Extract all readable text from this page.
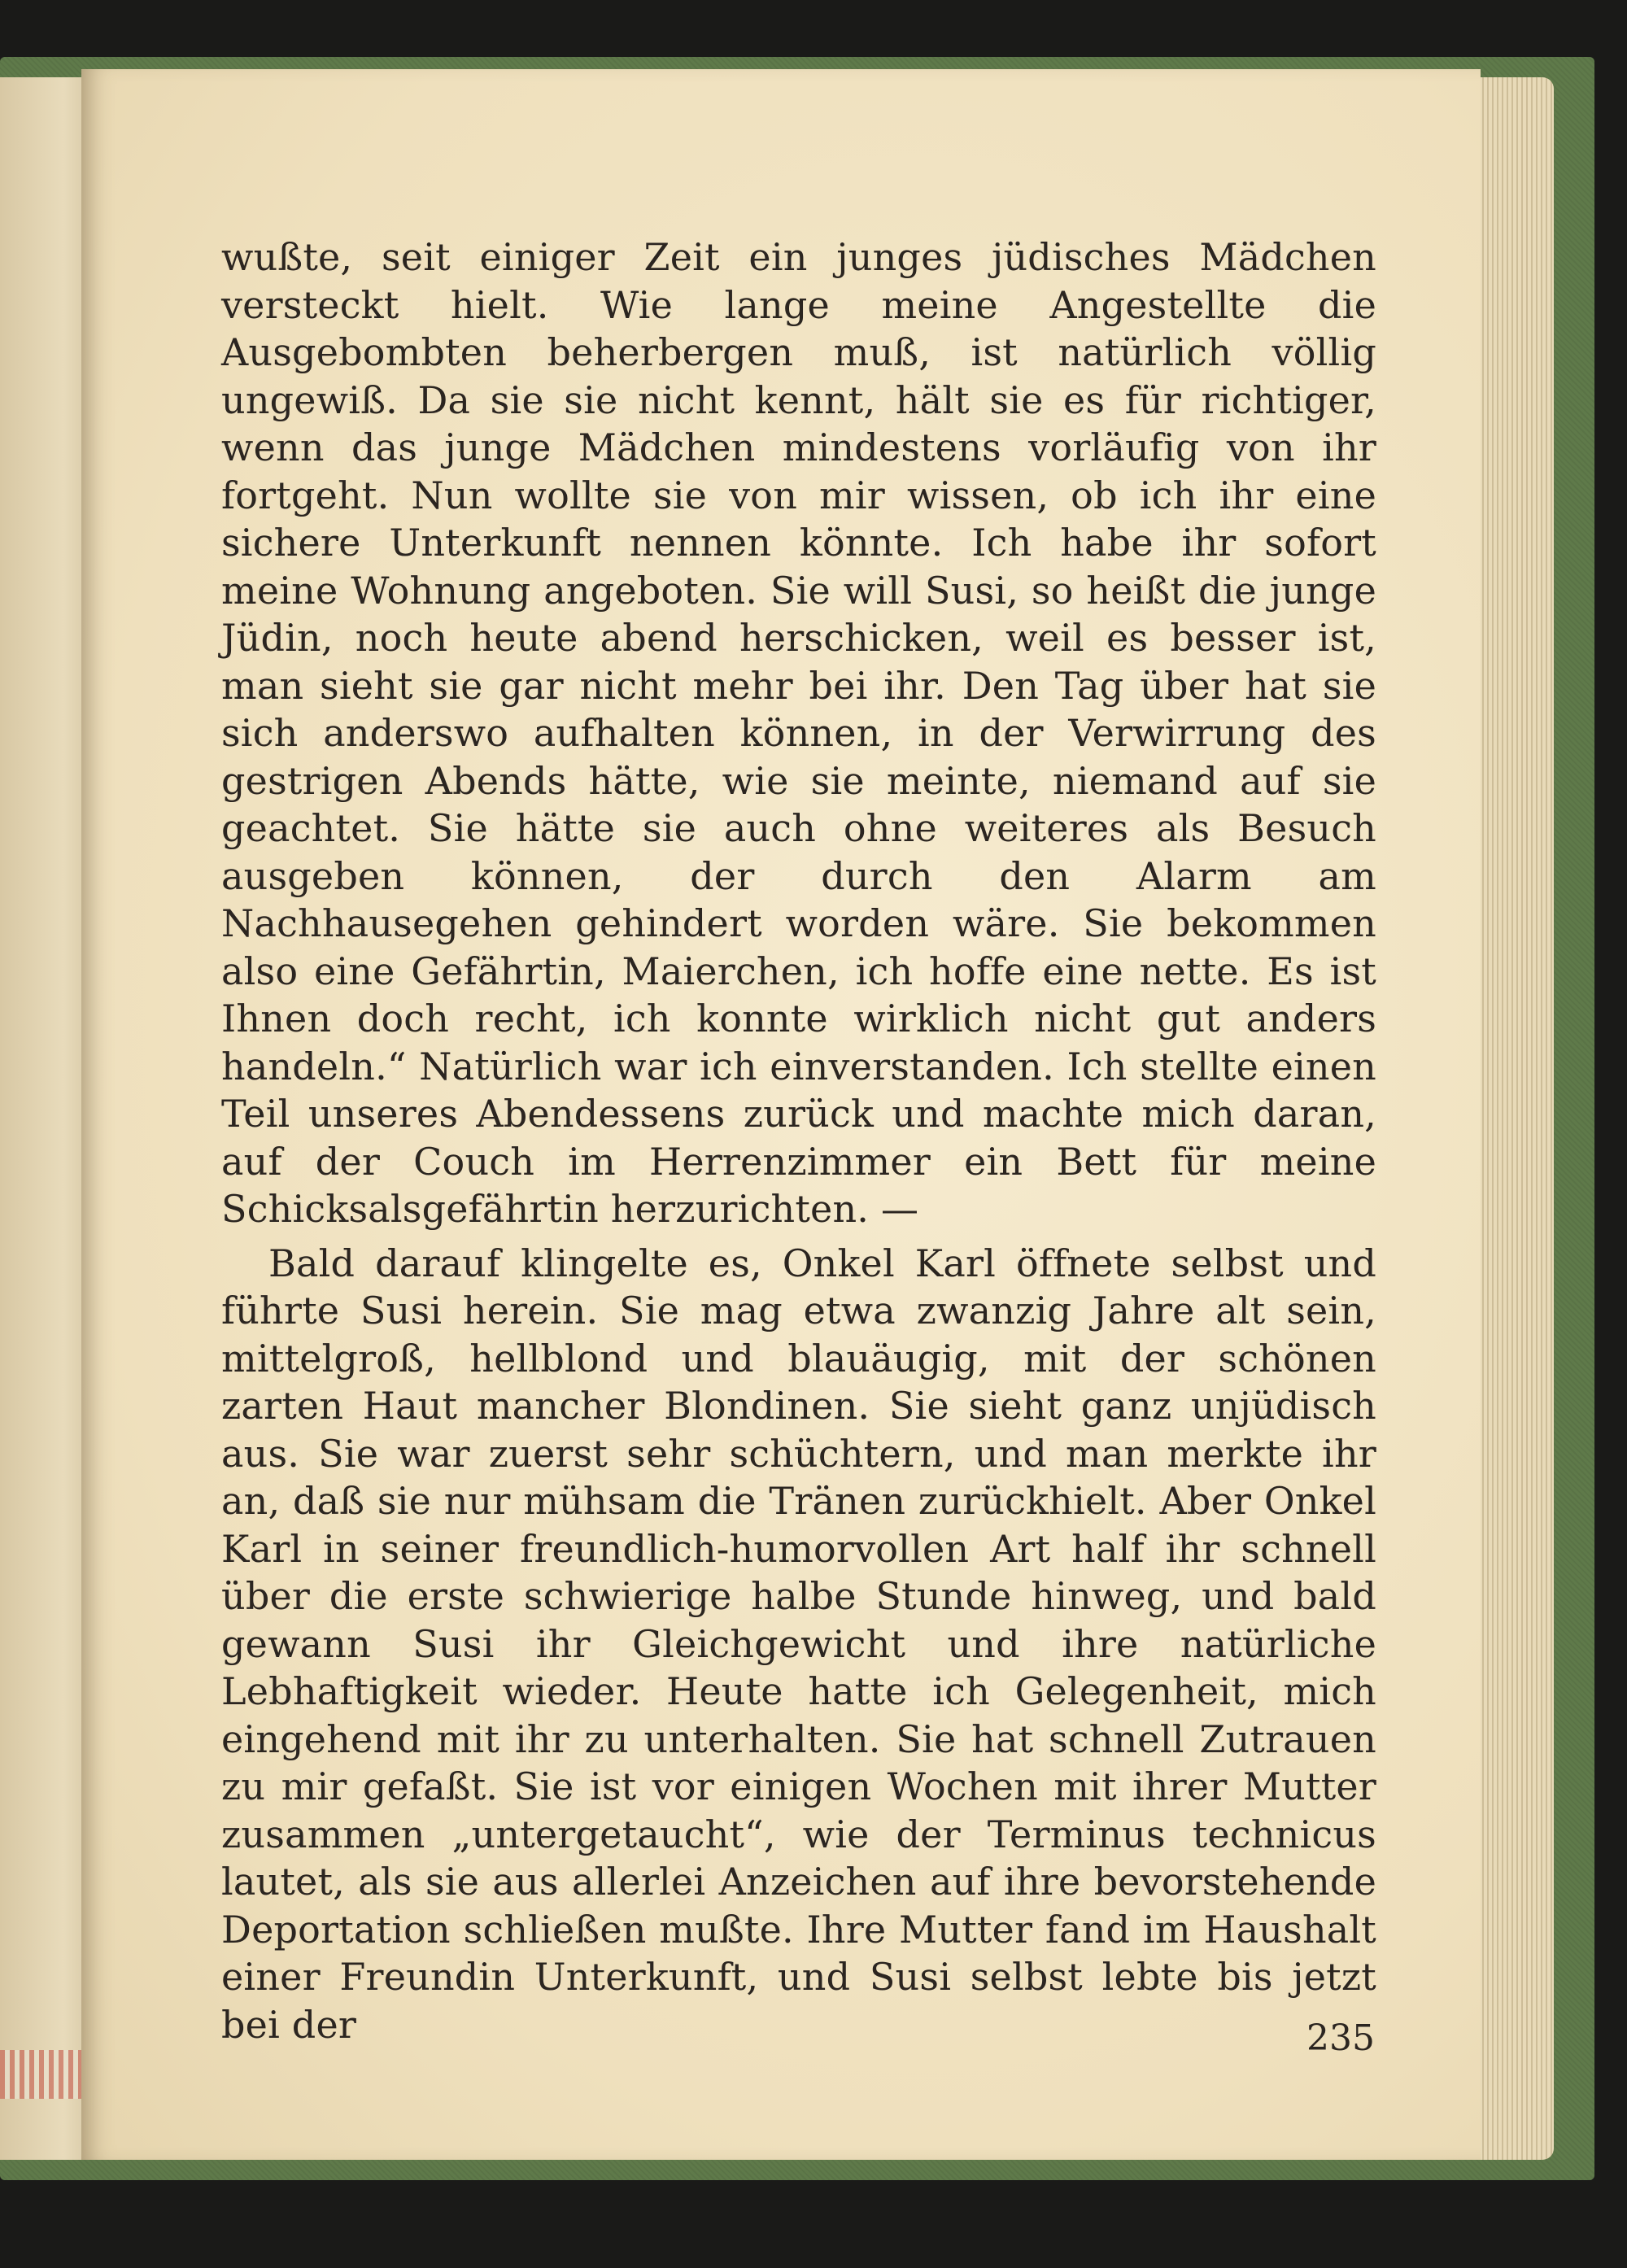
wußte, seit einiger Zeit ein junges jüdisches Mädchen versteckt hielt. Wie lange meine Angestellte die Ausgebombten beherbergen muß, ist natürlich völlig ungewiß. Da sie sie nicht kennt, hält sie es für richtiger, wenn das junge Mädchen mindestens vorläufig von ihr fortgeht. Nun wollte sie von mir wissen, ob ich ihr eine sichere Unterkunft nennen könnte. Ich habe ihr sofort meine Wohnung angeboten. Sie will Susi, so heißt die junge Jüdin, noch heute abend herschicken, weil es besser ist, man sieht sie gar nicht mehr bei ihr. Den Tag über hat sie sich anderswo aufhalten können, in der Verwirrung des gestrigen Abends hätte, wie sie meinte, niemand auf sie geachtet. Sie hätte sie auch ohne weiteres als Besuch ausgeben können, der durch den Alarm am Nachhausegehen gehindert worden wäre. Sie bekommen also eine Gefährtin, Maierchen, ich hoffe eine nette. Es ist Ihnen doch recht, ich konnte wirklich nicht gut anders handeln.“ Natürlich war ich einverstanden. Ich stellte einen Teil unseres Abendessens zurück und machte mich daran, auf der Couch im Herrenzimmer ein Bett für meine Schicksalsgefährtin herzurichten. —

Bald darauf klingelte es, Onkel Karl öffnete selbst und führte Susi herein. Sie mag etwa zwanzig Jahre alt sein, mittelgroß, hellblond und blauäugig, mit der schönen zarten Haut mancher Blondinen. Sie sieht ganz unjüdisch aus. Sie war zuerst sehr schüchtern, und man merkte ihr an, daß sie nur mühsam die Tränen zurückhielt. Aber Onkel Karl in seiner freundlich-humorvollen Art half ihr schnell über die erste schwierige halbe Stunde hinweg, und bald gewann Susi ihr Gleichgewicht und ihre natürliche Lebhaftigkeit wieder. Heute hatte ich Gelegenheit, mich eingehend mit ihr zu unterhalten. Sie hat schnell Zutrauen zu mir gefaßt. Sie ist vor einigen Wochen mit ihrer Mutter zusammen „untergetaucht“, wie der Terminus technicus lautet, als sie aus allerlei Anzeichen auf ihre bevorstehende Deportation schließen mußte. Ihre Mutter fand im Haushalt einer Freundin Unterkunft, und Susi selbst lebte bis jetzt bei der	235
